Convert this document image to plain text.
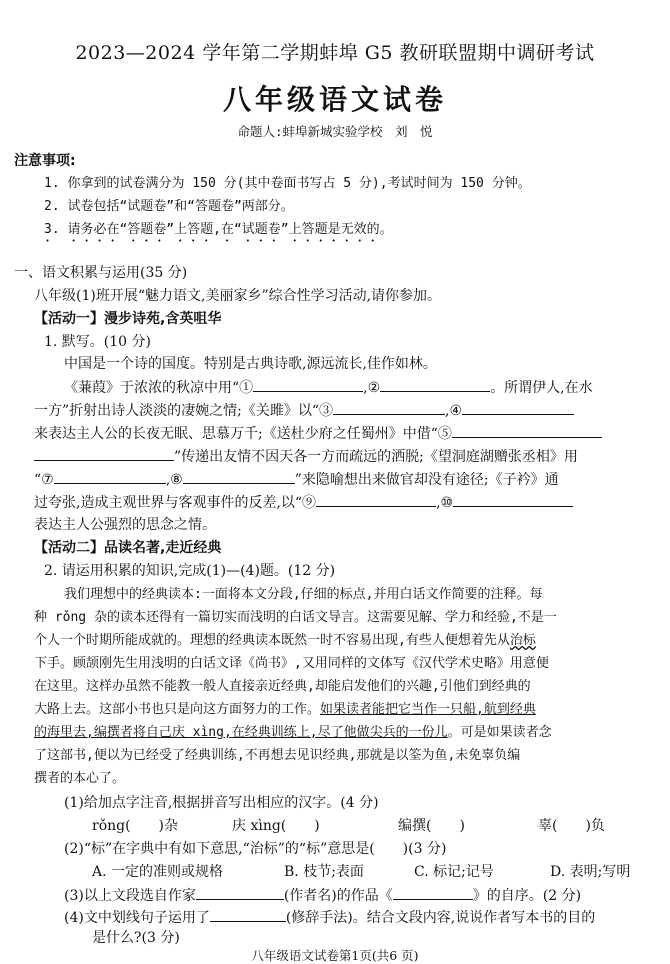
2023—2024 学年第二学期蚌埠 G5 教研联盟期中调研考试
八年级语文试卷
命题人:蚌埠新城实验学校　刘　悦
注意事项:
1. 你拿到的试卷满分为 150 分(其中卷面书写占 5 分),考试时间为 150 分钟。
2. 试卷包括“试题卷”和“答题卷”两部分。
3. 请务必在“答题卷”上答题,在“试题卷”上答题是无效的。
一、语文积累与运用(35 分)
八年级(1)班开展“魅力语文,美丽家乡”综合性学习活动,请你参加。
【活动一】漫步诗苑,含英咀华
1. 默写。(10 分)
中国是一个诗的国度。特别是古典诗歌,源远流长,佳作如林。
《蒹葭》于浓浓的秋凉中用“①	,②	。所谓伊人,在水
一方”折射出诗人淡淡的凄婉之情;《关雎》以“③	,④
来表达主人公的长夜无眠、思慕万千;《送杜少府之任蜀州》中借“⑤
”传递出友情不因天各一方而疏远的洒脱;《望洞庭湖赠张丞相》用
“⑦	,⑧	”来隐喻想出来做官却没有途径;《子衿》通
过夸张,造成主观世界与客观事件的反差,以“⑨	,⑩
表达主人公强烈的思念之情。
【活动二】品读名著,走近经典
2. 请运用积累的知识,完成(1)—(4)题。(12 分)
我们理想中的经典读本:一面将本文分段,仔细的标点,并用白话文作简要的注释。每
种 rǒng 杂的读本还得有一篇切实而浅明的白话文导言。这需要见解、学力和经验,不是一
个人一个时期所能成就的。理想的经典读本既然一时不容易出现,有些人便想着先从治标
下手。顾颉刚先生用浅明的白话文译《尚书》,又用同样的文体写《汉代学术史略》用意便
在这里。这样办虽然不能教一般人直接亲近经典,却能启发他们的兴趣,引他们到经典的
大路上去。这部小书也只是向这方面努力的工作。如果读者能把它当作一只船,航到经典
的海里去,编撰者将自己庆 xìng,在经典训练上,尽了他做尖兵的一份儿。可是如果读者念
了这部书,便以为已经受了经典训练,不再想去见识经典,那就是以筌为鱼,未免辜负编
撰者的本心了。
(1)给加点字注音,根据拼音写出相应的汉字。(4 分)
rǒng(　　)杂	庆 xìng(　　)	编撰(　　)	辜(　　)负
(2)“标”在字典中有如下意思,“治标”的“标”意思是(　　)(3 分)
A. 一定的准则或规格	B. 枝节;表面	C. 标记;记号	D. 表明;写明
(3)以上文段选自作家	(作者名)的作品《	》的自序。(2 分)
(4)文中划线句子运用了	(修辞手法)。结合文段内容,说说作者写本书的目的
是什么?(3 分)
八年级语文试卷第1页(共6 页)
